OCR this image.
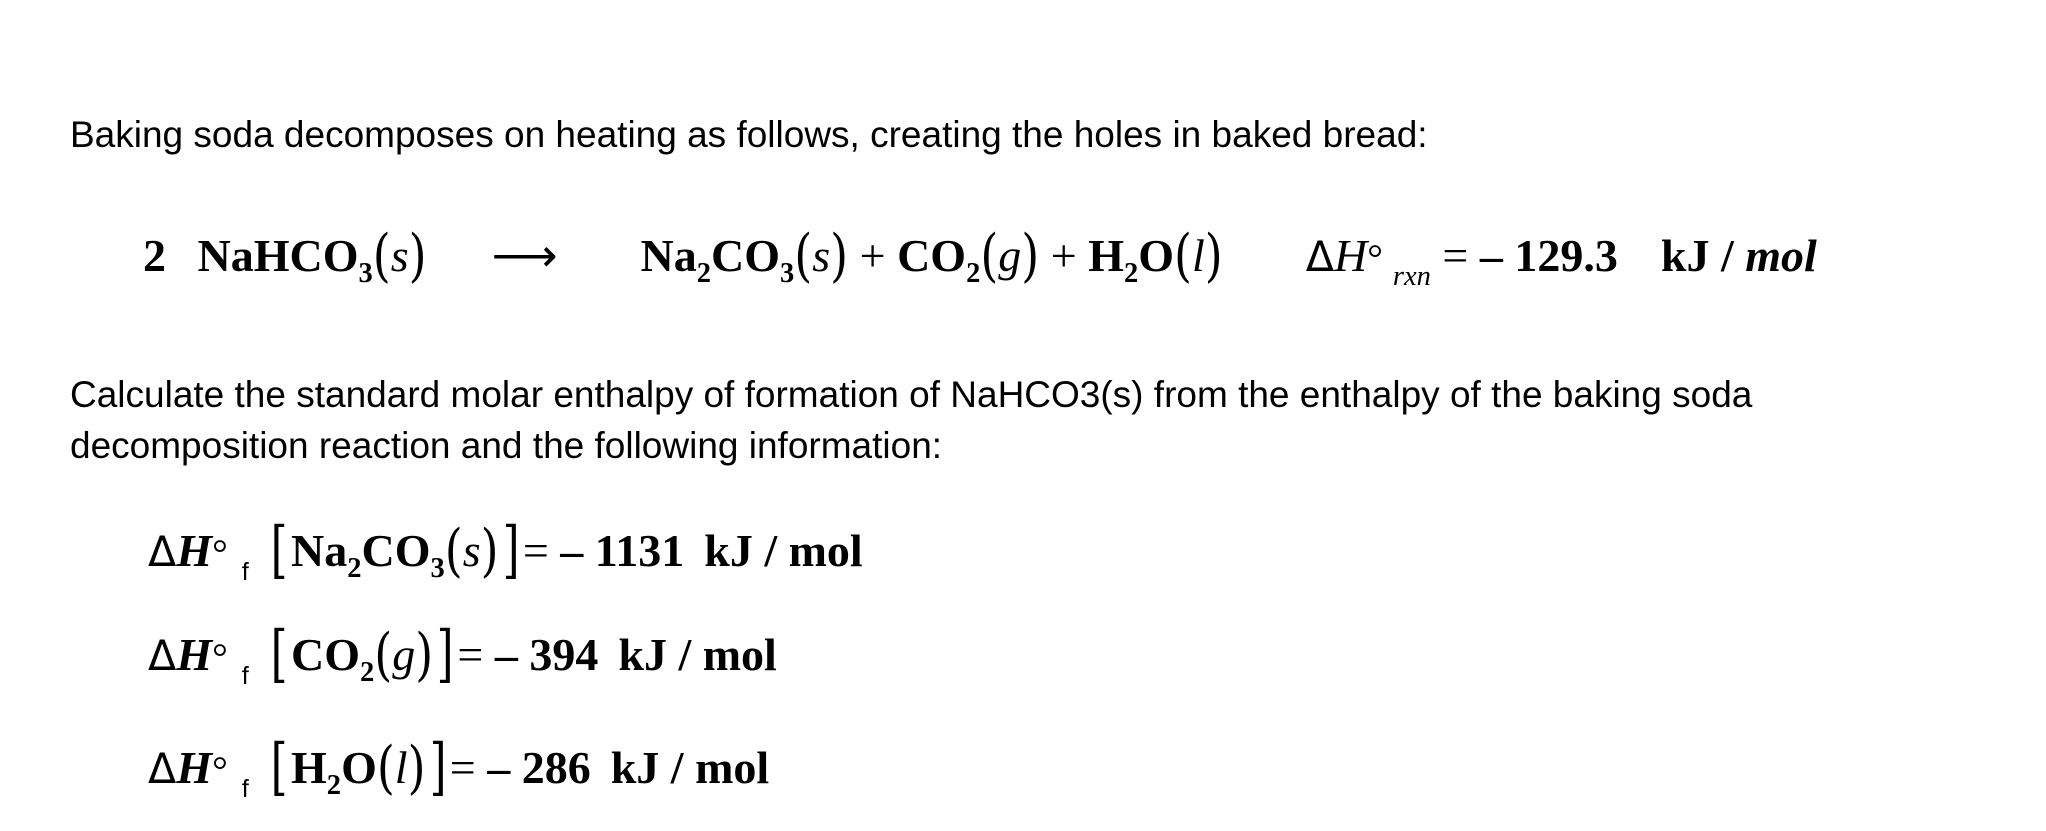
Baking soda decomposes on heating as follows, creating the holes in baked bread:

2 NaHCO$_3$(s) ⟶ $Na_2CO_3(s) + CO_2(g) + H_2O(l)$ ΔH° $_{rxn}$ = – 129.3 kJ / mol

Calculate the standard molar enthalpy of formation of NaHCO3(s) from the enthalpy of the baking soda decomposition reaction and the following information:

ΔH° $_f$ $[Na_2CO_3(s)]= - 1131$ kJ / mol
ΔH° $_f$ $[CO_2(g)]= - 394$ kJ / mol
ΔH° $_f$ $[H_2O(l)]= - 286$ kJ / mol
